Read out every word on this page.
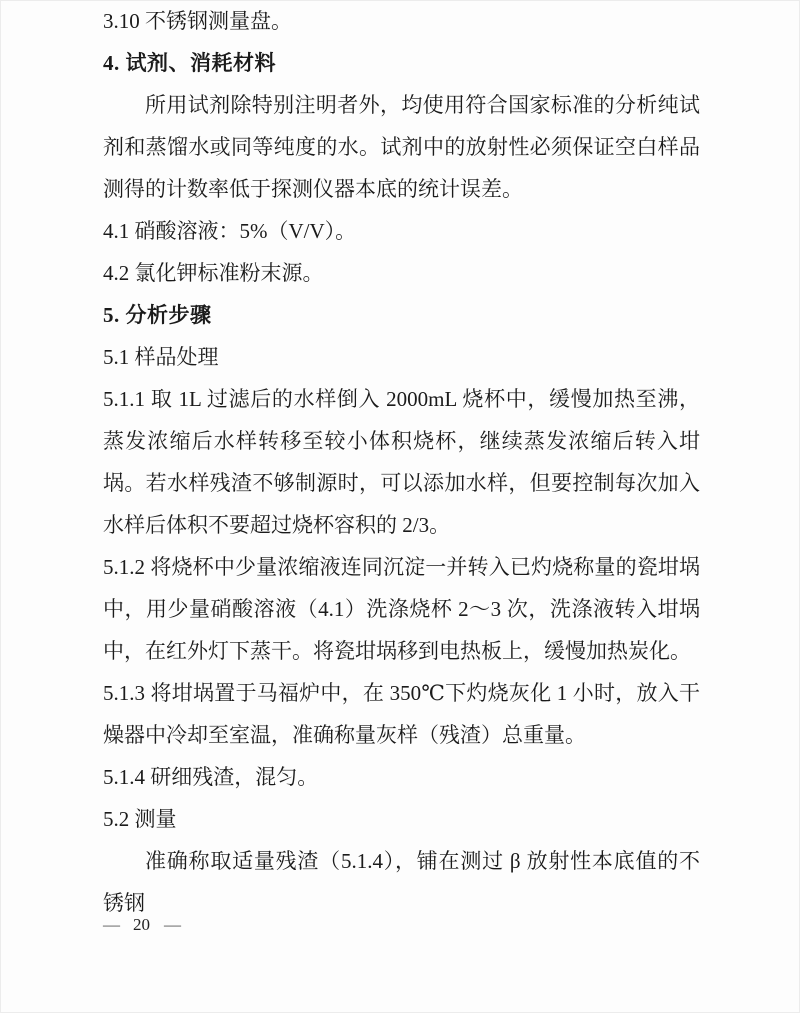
3.10 不锈钢测量盘。

4. 试剂、消耗材料

所用试剂除特别注明者外，均使用符合国家标准的分析纯试剂和蒸馏水或同等纯度的水。试剂中的放射性必须保证空白样品测得的计数率低于探测仪器本底的统计误差。

4.1 硝酸溶液：5%（V/V）。

4.2 氯化钾标准粉末源。

5. 分析步骤

5.1 样品处理

5.1.1 取 1L 过滤后的水样倒入 2000mL 烧杯中，缓慢加热至沸，蒸发浓缩后水样转移至较小体积烧杯，继续蒸发浓缩后转入坩埚。若水样残渣不够制源时，可以添加水样，但要控制每次加入水样后体积不要超过烧杯容积的 2/3。

5.1.2 将烧杯中少量浓缩液连同沉淀一并转入已灼烧称量的瓷坩埚中，用少量硝酸溶液（4.1）洗涤烧杯 2～3 次，洗涤液转入坩埚中，在红外灯下蒸干。将瓷坩埚移到电热板上，缓慢加热炭化。

5.1.3 将坩埚置于马福炉中，在 350℃下灼烧灰化 1 小时，放入干燥器中冷却至室温，准确称量灰样（残渣）总重量。

5.1.4 研细残渣，混匀。

5.2 测量

准确称取适量残渣（5.1.4），铺在测过 β 放射性本底值的不锈钢

— 20 —
